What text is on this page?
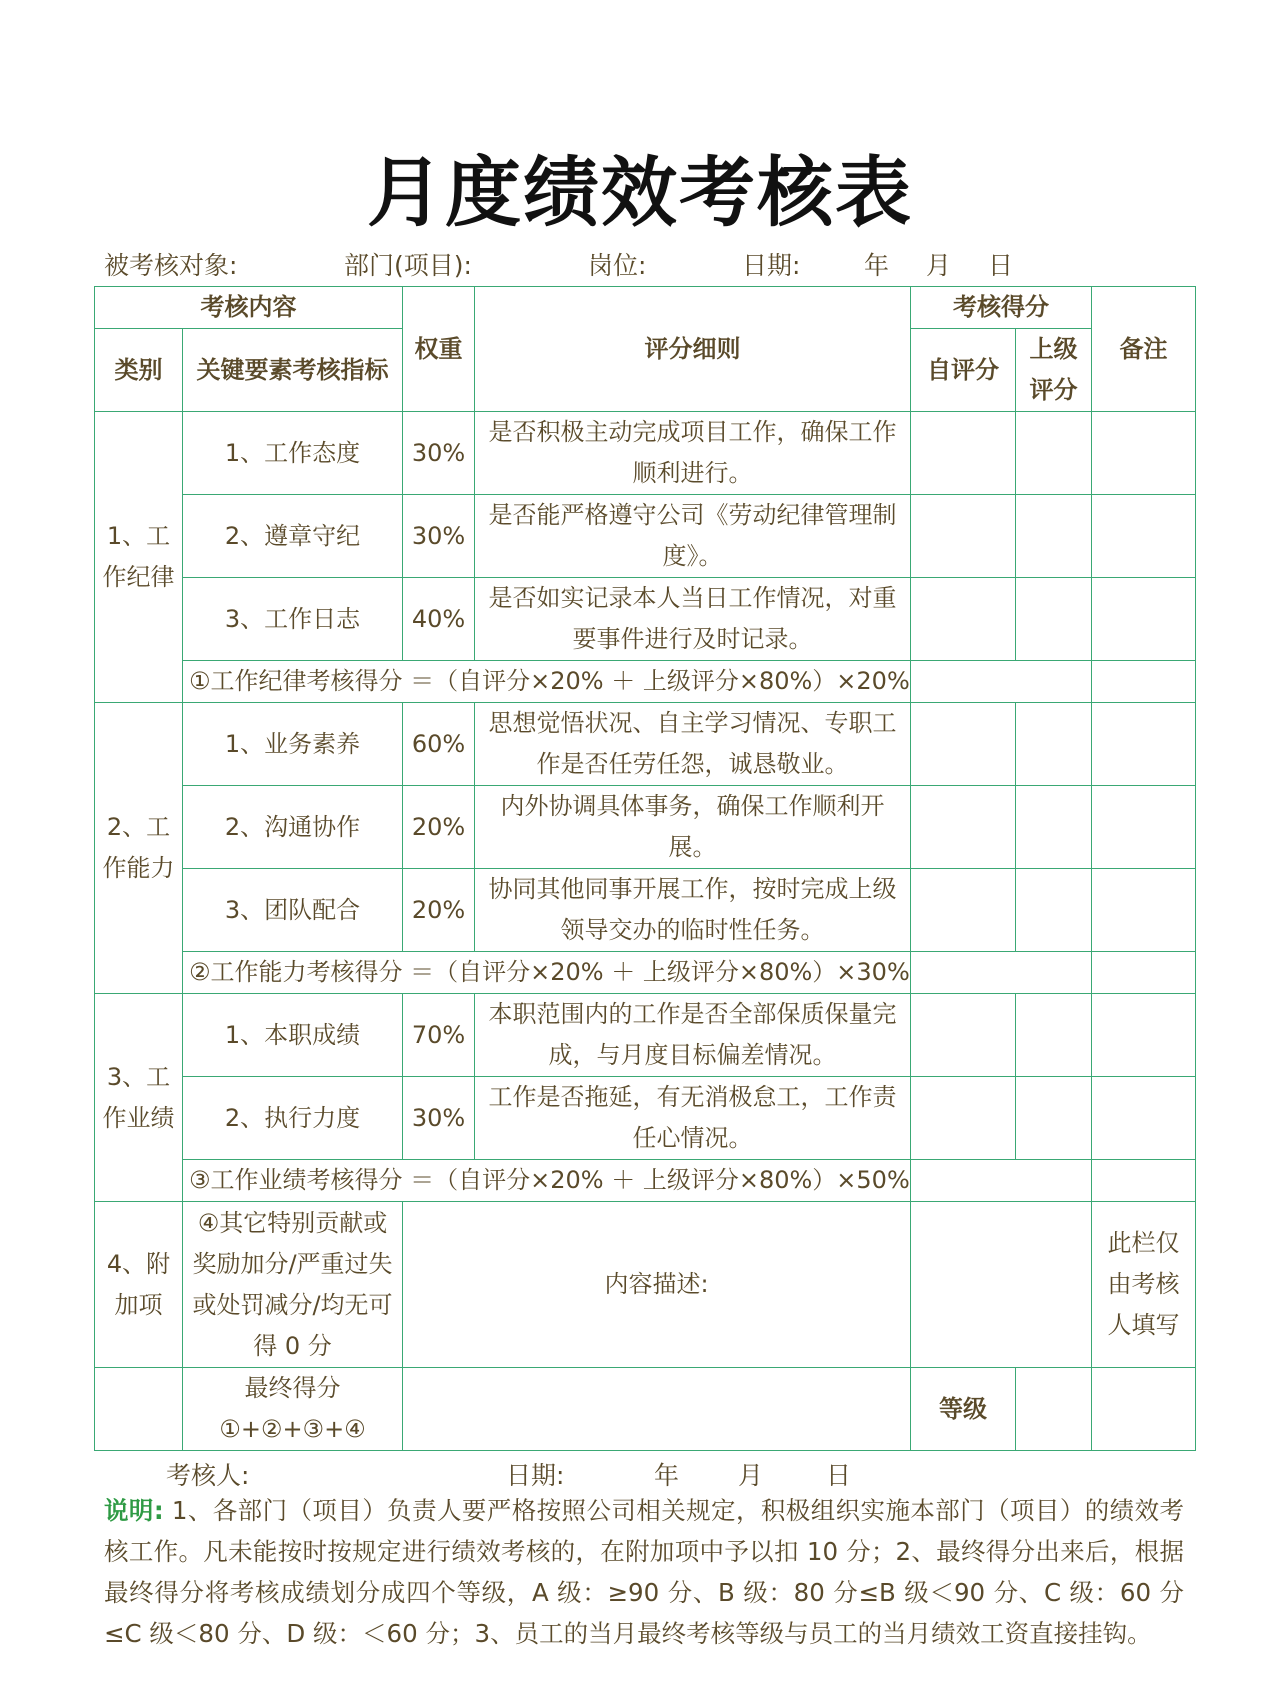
月度绩效考核表
被考核对象:	部门(项目):	岗位:	日期:	年 月 日
考核内容		权重	评分细则	考核得分		备注
类别	关键要素考核指标			自评分	上级评分	
1、工作纪律	1、工作态度	30%	是否积极主动完成项目工作，确保工作顺利进行。			
	2、遵章守纪	30%	是否能严格遵守公司《劳动纪律管理制度》。			
	3、工作日志	40%	是否如实记录本人当日工作情况，对重要事件进行及时记录。			
	①工作纪律考核得分 ＝（自评分×20% ＋ 上级评分×80%）×20%					
2、工作能力	1、业务素养	60%	思想觉悟状况、自主学习情况、专职工作是否任劳任怨，诚恳敬业。			
	2、沟通协作	20%	内外协调具体事务，确保工作顺利开展。			
	3、团队配合	20%	协同其他同事开展工作，按时完成上级领导交办的临时性任务。			
	②工作能力考核得分 ＝（自评分×20% ＋ 上级评分×80%）×30%					
3、工作业绩	1、本职成绩	70%	本职范围内的工作是否全部保质保量完成，与月度目标偏差情况。			
	2、执行力度	30%	工作是否拖延，有无消极怠工，工作责任心情况。			
	③工作业绩考核得分 ＝（自评分×20% ＋ 上级评分×80%）×50%					
4、附加项	④其它特别贡献或奖励加分/严重过失或处罚减分/均无可得 0 分	内容描述:				此栏仅由考核人填写
	最终得分①+②+③+④			等级		
考核人:	日期:	年 月	日
说明: 1、各部门（项目）负责人要严格按照公司相关规定，积极组织实施本部门（项目）的绩效考核工作。凡未能按时按规定进行绩效考核的，在附加项中予以扣 10 分；2、最终得分出来后，根据最终得分将考核成绩划分成四个等级，A 级：≥90 分、B 级：80 分≤B 级＜90 分、C 级：60 分≤C 级＜80 分、D 级：＜60 分；3、员工的当月最终考核等级与员工的当月绩效工资直接挂钩。
